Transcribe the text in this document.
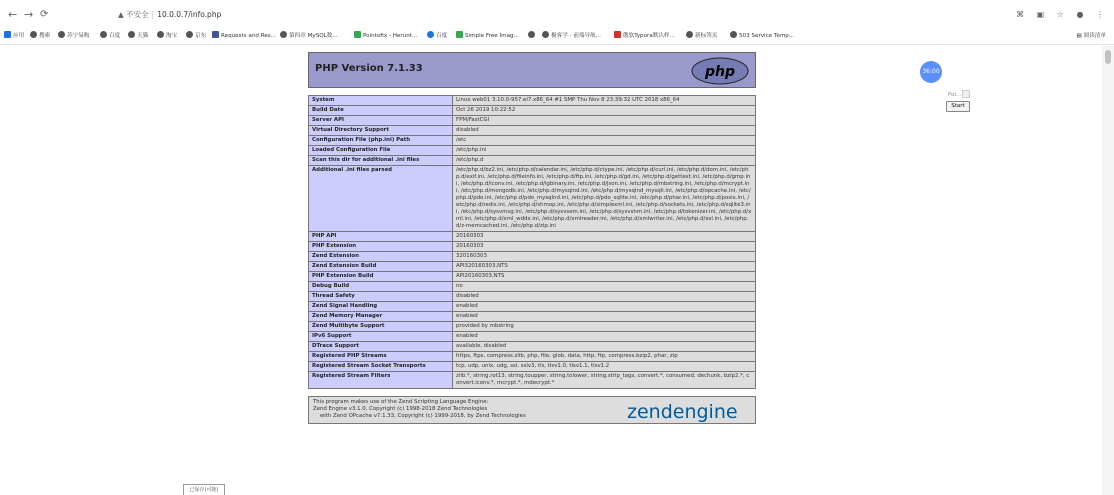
← → ⟳	▲ 不安全 | 10.0.0.7/info.php	⌘ ▣ ☆ ● ⋮
应用	搜索	苏宁易购	百度	天猫	淘宝	京东	Requests and Res...	第四章 MySQL数...	Pointofix - Herunt...	百度	Simple Free Imag...	极客学 - 前端导航...	傲软Typora默认样...	新标签页	503 Service Temp...	▤ 阅读清单
PHP Version 7.1.33	php
System	Linux web01 3.10.0-957.el7.x86_64 #1 SMP Thu Nov 8 23:39:32 UTC 2018 x86_64
Build Date	Oct 26 2019 10:22:52
Server API	FPM/FastCGI
Virtual Directory Support	disabled
Configuration File (php.ini) Path	/etc
Loaded Configuration File	/etc/php.ini
Scan this dir for additional .ini files	/etc/php.d
Additional .ini files parsed	/etc/php.d/bz2.ini, /etc/php.d/calendar.ini, /etc/php.d/ctype.ini, /etc/php.d/curl.ini, /etc/php.d/dom.ini, /etc/php.d/exif.ini, /etc/php.d/fileinfo.ini, /etc/php.d/ftp.ini, /etc/php.d/gd.ini, /etc/php.d/gettext.ini, /etc/php.d/gmp.ini, /etc/php.d/iconv.ini, /etc/php.d/igbinary.ini, /etc/php.d/json.ini, /etc/php.d/mbstring.ini, /etc/php.d/mcrypt.ini, /etc/php.d/mongodb.ini, /etc/php.d/mysqlnd.ini, /etc/php.d/mysqlnd_mysqli.ini, /etc/php.d/opcache.ini, /etc/php.d/pdo.ini, /etc/php.d/pdo_mysqlnd.ini, /etc/php.d/pdo_sqlite.ini, /etc/php.d/phar.ini, /etc/php.d/posix.ini, /etc/php.d/redis.ini, /etc/php.d/shmop.ini, /etc/php.d/simplexml.ini, /etc/php.d/sockets.ini, /etc/php.d/sqlite3.ini, /etc/php.d/sysvmsg.ini, /etc/php.d/sysvsem.ini, /etc/php.d/sysvshm.ini, /etc/php.d/tokenizer.ini, /etc/php.d/xml.ini, /etc/php.d/xml_wddx.ini, /etc/php.d/xmlreader.ini, /etc/php.d/xmlwriter.ini, /etc/php.d/xsl.ini, /etc/php.d/z-memcached.ini, /etc/php.d/zip.ini
PHP API	20160303
PHP Extension	20160303
Zend Extension	320160303
Zend Extension Build	API320160303,NTS
PHP Extension Build	API20160303,NTS
Debug Build	no
Thread Safety	disabled
Zend Signal Handling	enabled
Zend Memory Manager	enabled
Zend Multibyte Support	provided by mbstring
IPv6 Support	enabled
DTrace Support	available, disabled
Registered PHP Streams	https, ftps, compress.zlib, php, file, glob, data, http, ftp, compress.bzip2, phar, zip
Registered Stream Socket Transports	tcp, udp, unix, udg, ssl, sslv3, tls, tlsv1.0, tlsv1.1, tlsv1.2
Registered Stream Filters	zlib.*, string.rot13, string.toupper, string.tolower, string.strip_tags, convert.*, consumed, dechunk, bzip2.*, convert.iconv.*, mcrypt.*, mdecrypt.*
This program makes use of the Zend Scripting Language Engine:
Zend Engine v3.1.0, Copyright (c) 1998-2018 Zend Technologies
with Zend OPcache v7.1.33, Copyright (c) 1999-2018, by Zend Technologies	zendengine
36:00
Poi...
Start
已保存(可拖)
